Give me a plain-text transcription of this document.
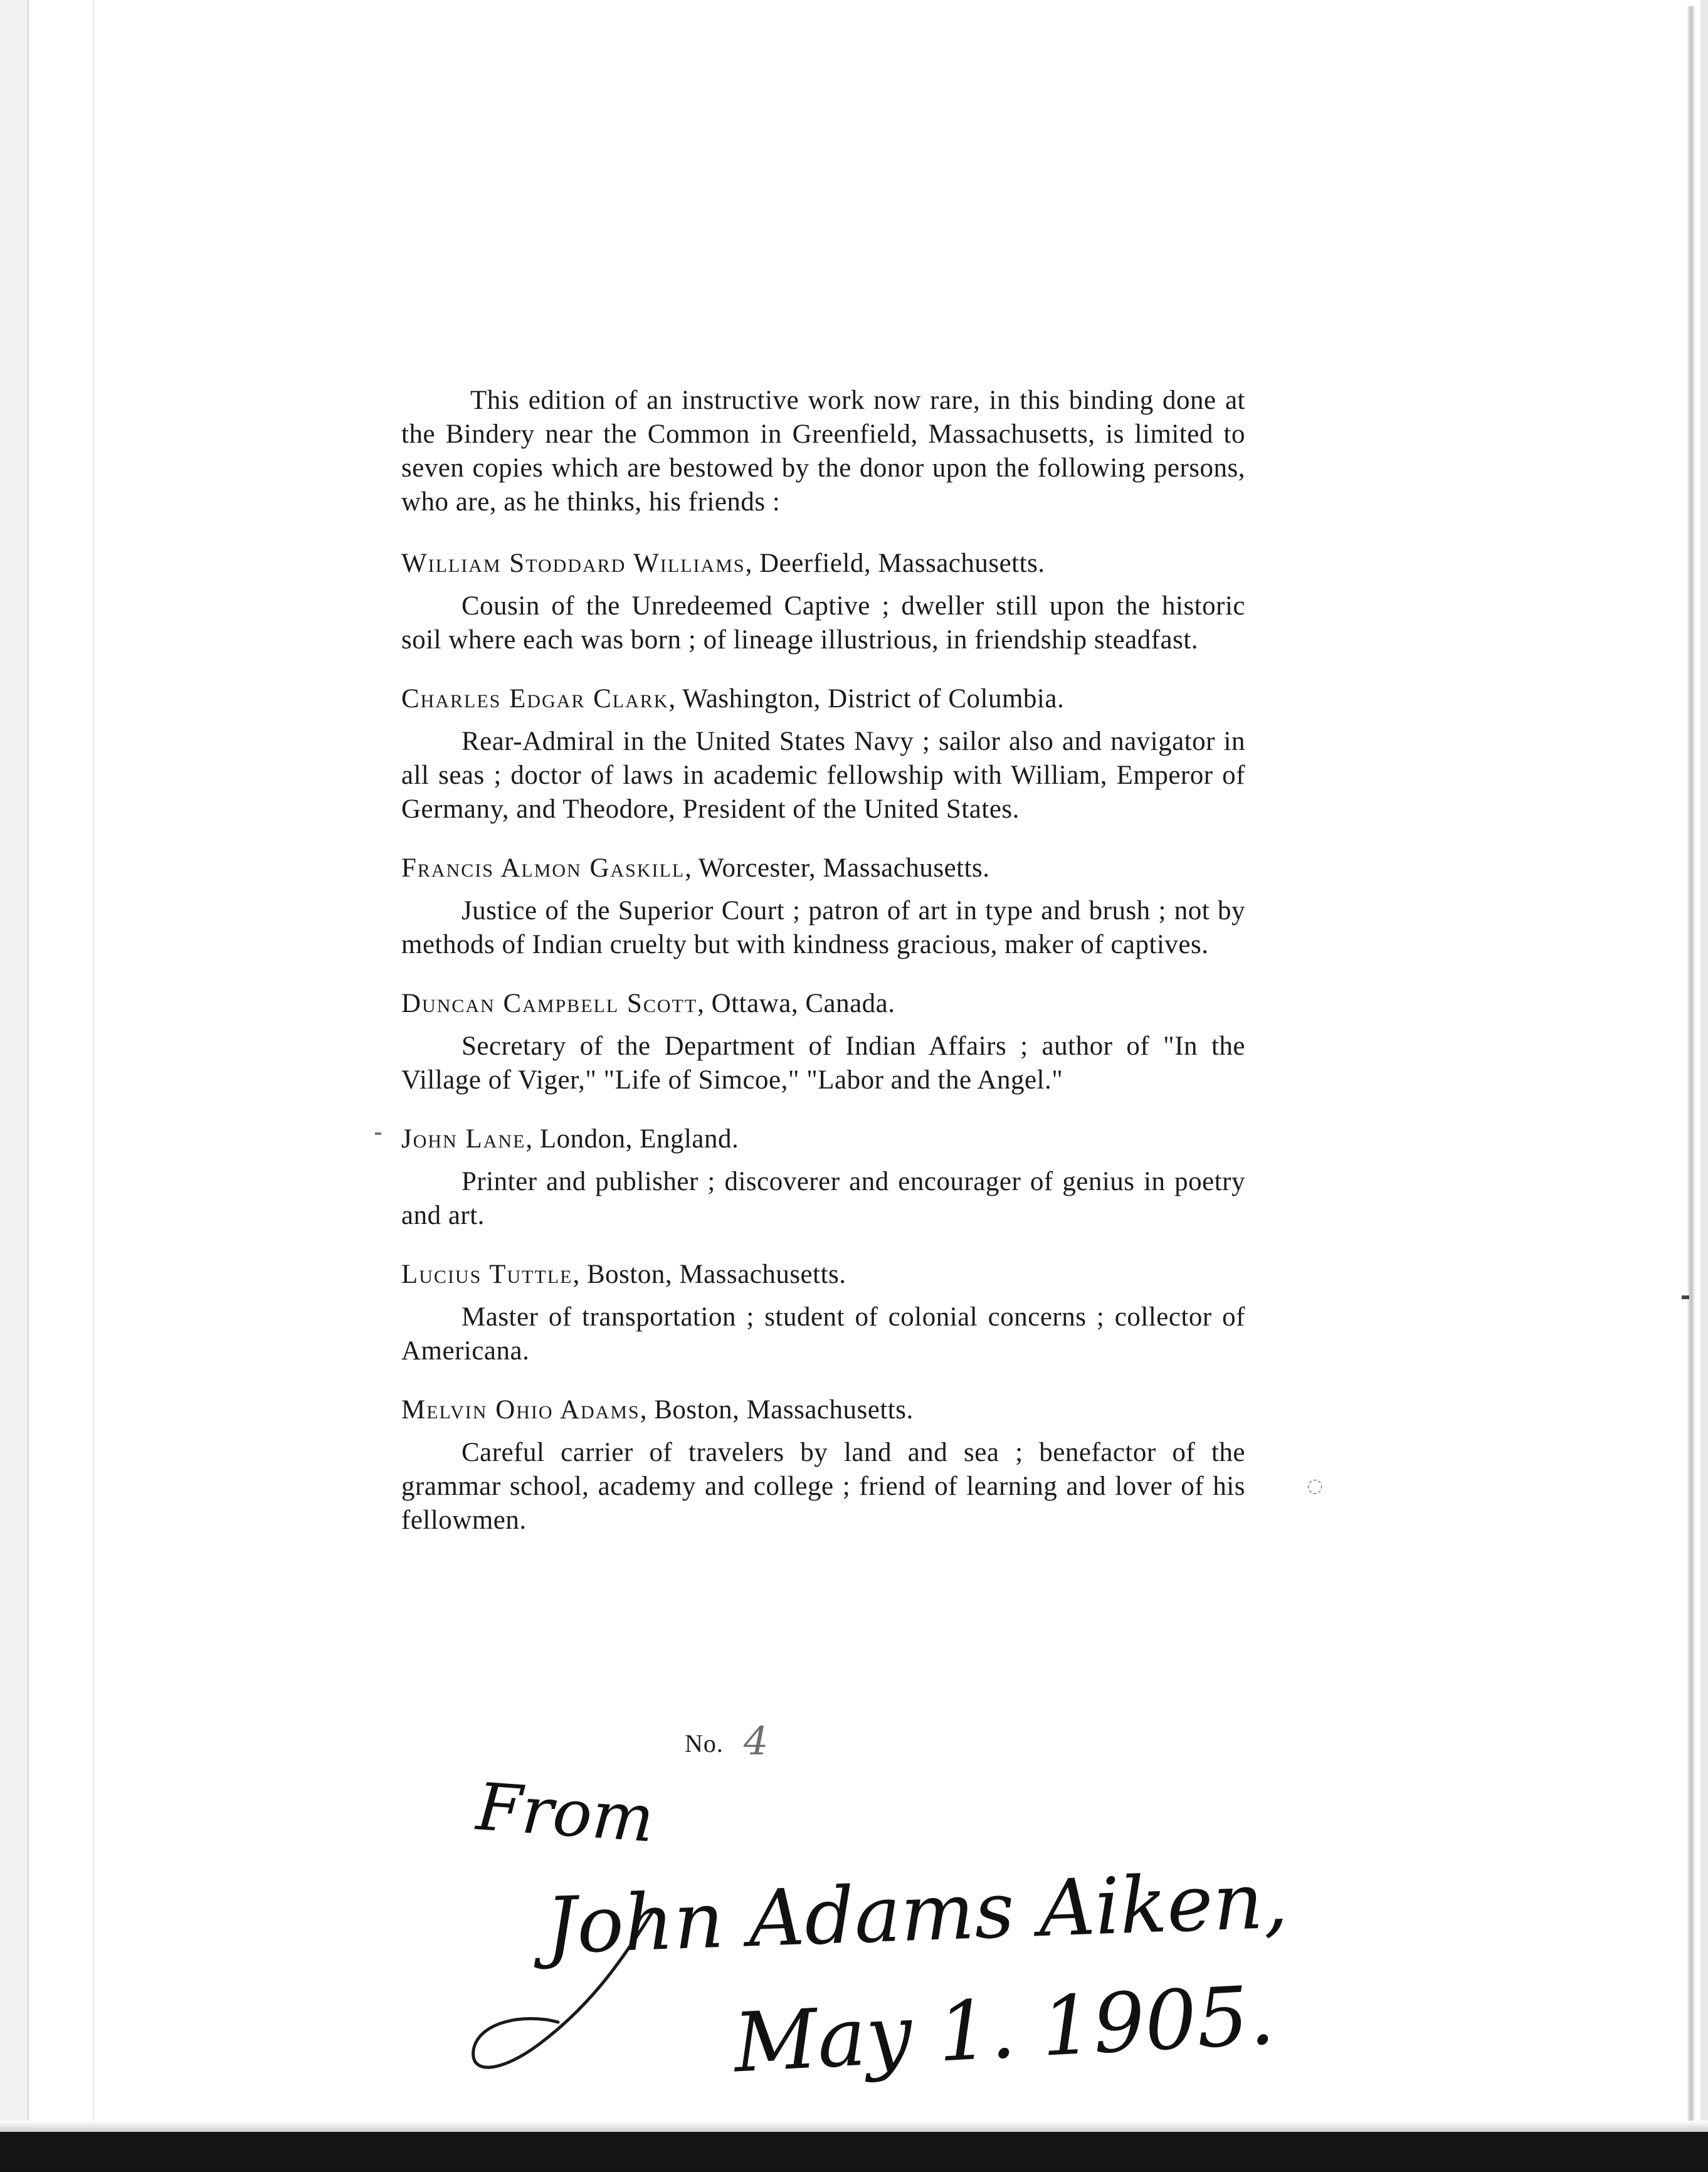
◌

This edition of an instructive work now rare, in this binding done at the Bindery near the Common in Greenfield, Massachusetts, is limited to seven copies which are bestowed by the donor upon the following persons, who are, as he thinks, his friends :

William Stoddard Williams, Deerfield, Massachusetts.

Cousin of the Unredeemed Captive ; dweller still upon the historic soil where each was born ; of lineage illustrious, in friendship steadfast.

Charles Edgar Clark, Washington, District of Columbia.

Rear-Admiral in the United States Navy ; sailor also and navigator in all seas ; doctor of laws in academic fellowship with William, Emperor of Germany, and Theodore, President of the United States.

Francis Almon Gaskill, Worcester, Massachusetts.

Justice of the Superior Court ; patron of art in type and brush ; not by methods of Indian cruelty but with kindness gracious, maker of captives.

Duncan Campbell Scott, Ottawa, Canada.

Secretary of the Department of Indian Affairs ; author of "In the Village of Viger," "Life of Simcoe," "Labor and the Angel."

John Lane, London, England.

Printer and publisher ; discoverer and encourager of genius in poetry and art.

Lucius Tuttle, Boston, Massachusetts.

Master of transportation ; student of colonial concerns ; collector of Americana.

Melvin Ohio Adams, Boston, Massachusetts.

Careful carrier of travelers by land and sea ; benefactor of the grammar school, academy and college ; friend of learning and lover of his fellowmen.

No. 4
From
John Adams Aiken,
May 1. 1905.
